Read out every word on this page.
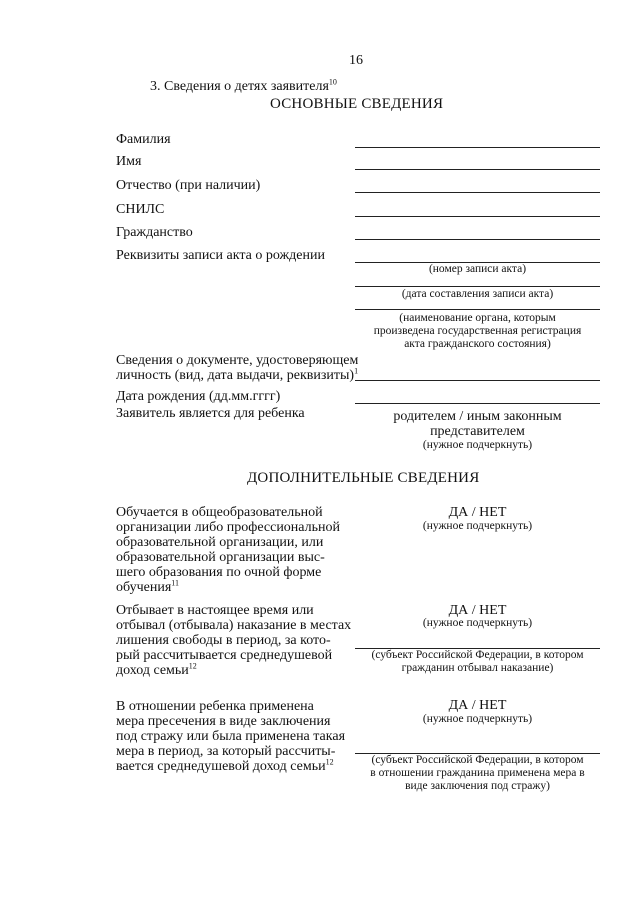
16
3. Сведения о детях заявителя$^{10}$
ОСНОВНЫЕ СВЕДЕНИЯ
Фамилия
Имя
Отчество (при наличии)
СНИЛС
Гражданство
Реквизиты записи акта о рождении
(номер записи акта)
(дата составления записи акта)
(наименование органа, которым
произведена государственная регистрация
акта гражданского состояния)
Сведения о документе, удостоверяющем
личность (вид, дата выдачи, реквизиты)$^1$
Дата рождения (дд.мм.гггг)
Заявитель является для ребенка	родителем / иным законным
представителем
(нужное подчеркнуть)
ДОПОЛНИТЕЛЬНЫЕ СВЕДЕНИЯ
Обучается в общеобразовательной
организации либо профессиональной
образовательной организации, или
образовательной организации выс-
шего образования по очной форме
обучения$^{11}$
ДА / НЕТ
(нужное подчеркнуть)
Отбывает в настоящее время или
отбывал (отбывала) наказание в местах
лишения свободы в период, за кото-
рый рассчитывается среднедушевой
доход семьи$^{12}$
ДА / НЕТ
(нужное подчеркнуть)
(субъект Российской Федерации, в котором
гражданин отбывал наказание)
В отношении ребенка применена
мера пресечения в виде заключения
под стражу или была применена такая
мера в период, за который рассчиты-
вается среднедушевой доход семьи$^{12}$
ДА / НЕТ
(нужное подчеркнуть)
(субъект Российской Федерации, в котором
в отношении гражданина применена мера в
виде заключения под стражу)
